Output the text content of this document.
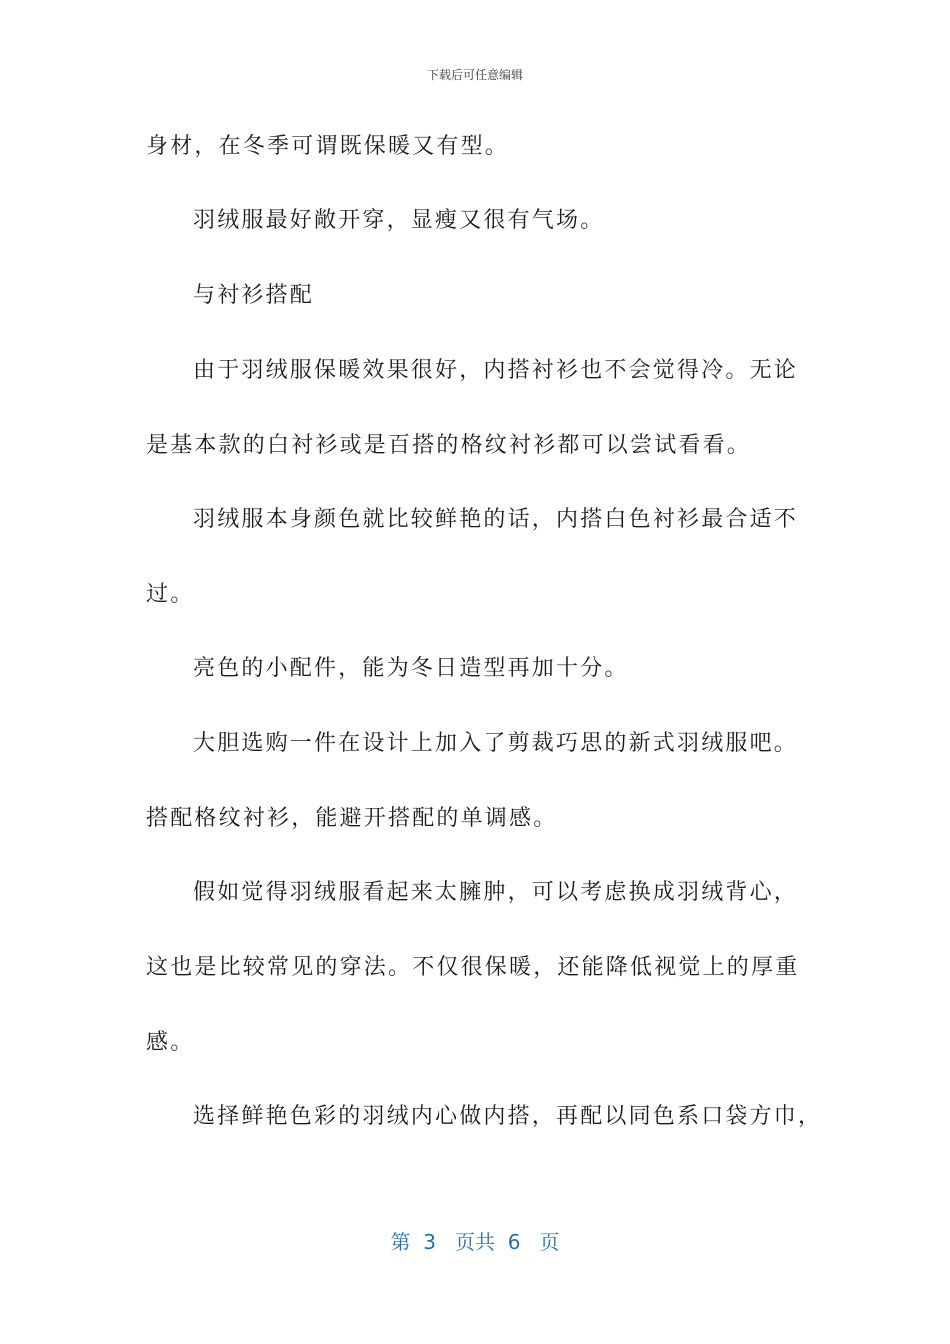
下载后可任意编辑
身材，在冬季可谓既保暖又有型。
羽绒服最好敞开穿，显瘦又很有气场。
与衬衫搭配
由于羽绒服保暖效果很好，内搭衬衫也不会觉得冷。无论
是基本款的白衬衫或是百搭的格纹衬衫都可以尝试看看。
羽绒服本身颜色就比较鲜艳的话，内搭白色衬衫最合适不
过。
亮色的小配件，能为冬日造型再加十分。
大胆选购一件在设计上加入了剪裁巧思的新式羽绒服吧。
搭配格纹衬衫，能避开搭配的单调感。
假如觉得羽绒服看起来太臃肿，可以考虑换成羽绒背心，
这也是比较常见的穿法。不仅很保暖，还能降低视觉上的厚重
感。
选择鲜艳色彩的羽绒内心做内搭，再配以同色系口袋方巾，
第  3   页共  6   页
